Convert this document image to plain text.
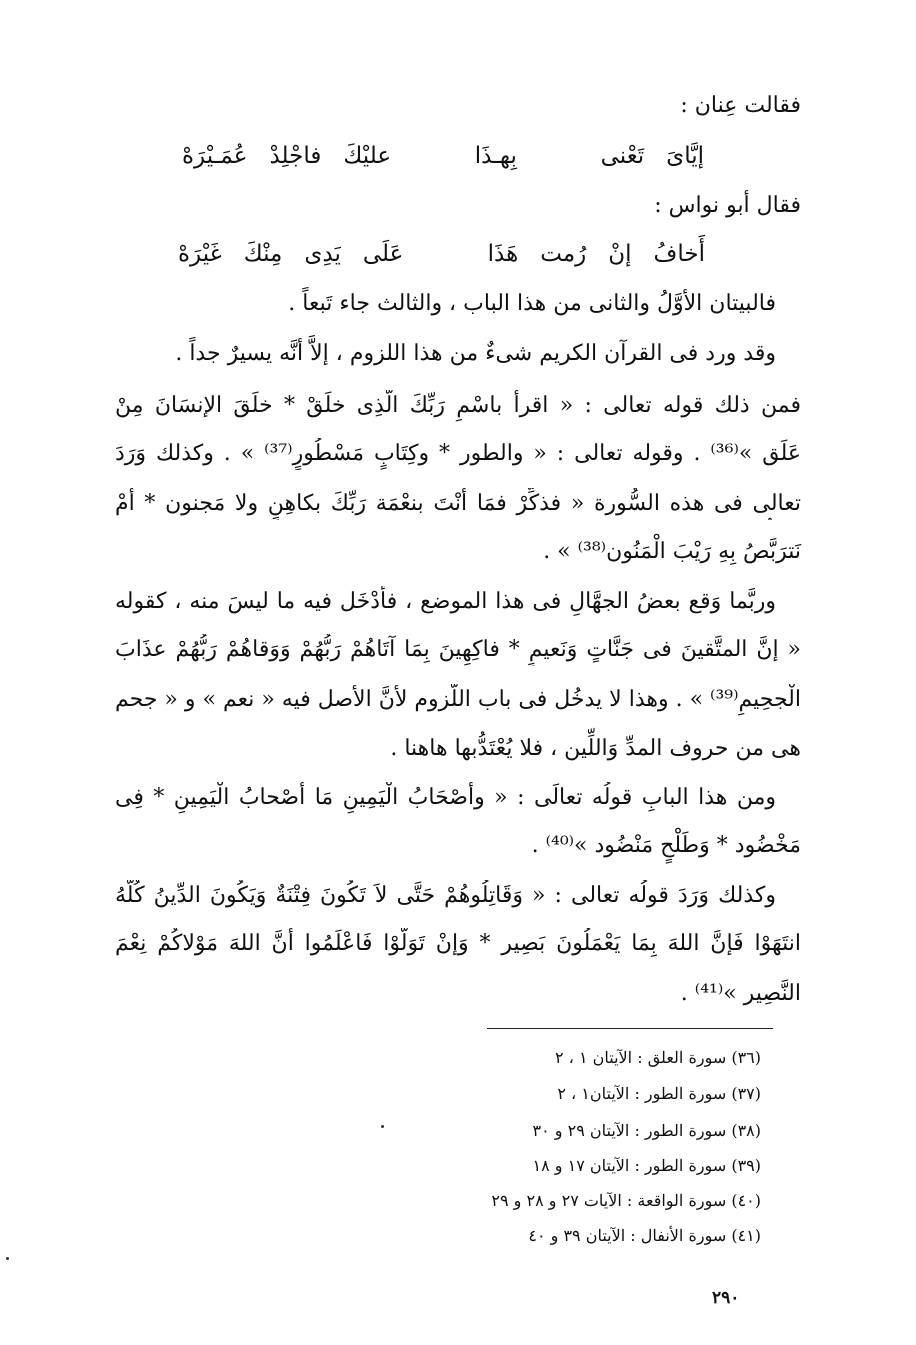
فقالت عِنان :
إيَّاىَ
تَعْنى
بِهـذَا
عليْكَ
فاجْلِدْ
عُمَـيْرَهْ
فقال أبو نواس :
أَخافُ
إنْ
رُمت
هَذَا
عَلَى
يَدِى
مِنْكَ
غَيْرَهْ
فالبيتان الأوَّلُ والثانى من هذا الباب ، والثالث جاء تَبعاً .
وقد ورد فى القرآن الكريم شىءٌ من هذا اللزوم ، إلاَّ أنَّه يسيرٌ جداً .
فمن ذلك قوله تعالى : « اقرأْ باسْمِ رَبِّكَ الَّذِى خلَقْ * خلَقَ الإنسَانَ مِنْ
عَلَق »⁽³⁶⁾ . وقوله تعالى : « والطور * وكِتَابٍ مَسْطُورٍ⁽³⁷⁾ » . وكذلك وَرَدَ
تعالى فى هذه السُّورة « فذكِّرْ فمَا أنْتَ بنعْمَة رَبِّكَ بكاهِنٍ ولا مَجنون * أمْ
نَترَبَّصُ بِهِ رَيْبَ الْمَنُون⁽³⁸⁾ » .
وربَّما وَقع بعضُ الجهَّالِ فى هذا الموضع ، فأدْخَل فيه ما ليسَ منه ، كقوله
« إنَّ المتَّقينَ فى جَنَّاتٍ وَنَعيمٍ * فاكِهِينَ بِمَا آتَاهُمْ رَبُّهُمْ وَوَقاهُمْ رَبُّهُمْ عذَابَ
الْجحِيمِ⁽³⁹⁾ » . وهذا لا يدخُل فى باب اللُّزوم لأنَّ الأصل فيه « نعم » و « جحم
هى من حروف المدِّ وَاللِّين ، فلا يُعْتَدُّبها هاهنا .
ومن هذا البابِ قولُه تعالَى : « وأَصْحَابُ الْيَمِينِ مَا أَصْحابُ الْيَمِينِ * فِى
مَخْضُود * وَطَلْحٍ مَنْضُود »⁽⁴⁰⁾ .
وكذلك وَرَدَ قولُه تعالى : « وَقَاتِلُوهُمْ حَتَّى لاَ تَكُونَ فِتْنَةٌ وَيَكُونَ الدِّينُ كُلُّهُ
انتَهَوْا فَإنَّ اللهَ بِمَا يَعْمَلُونَ بَصِير * وَإنْ تَوَلَّوْا فَاعْلَمُوا أَنَّ اللهَ مَوْلاكُمْ نِعْمَ
النَّصِير »⁽⁴¹⁾ .
(٣٦) سورة العلق : الآيتان ١ ، ٢
(٣٧) سورة الطور : الآيتان١ ، ٢
(٣٨) سورة الطور : الآيتان ٢٩ و ٣٠
(٣٩) سورة الطور : الآيتان ١٧ و ١٨
(٤٠) سورة الواقعة : الآيات ٢٧ و ٢٨ و ٢٩
(٤١) سورة الأنفال : الآيتان ٣٩ و ٤٠
٢٩٠
